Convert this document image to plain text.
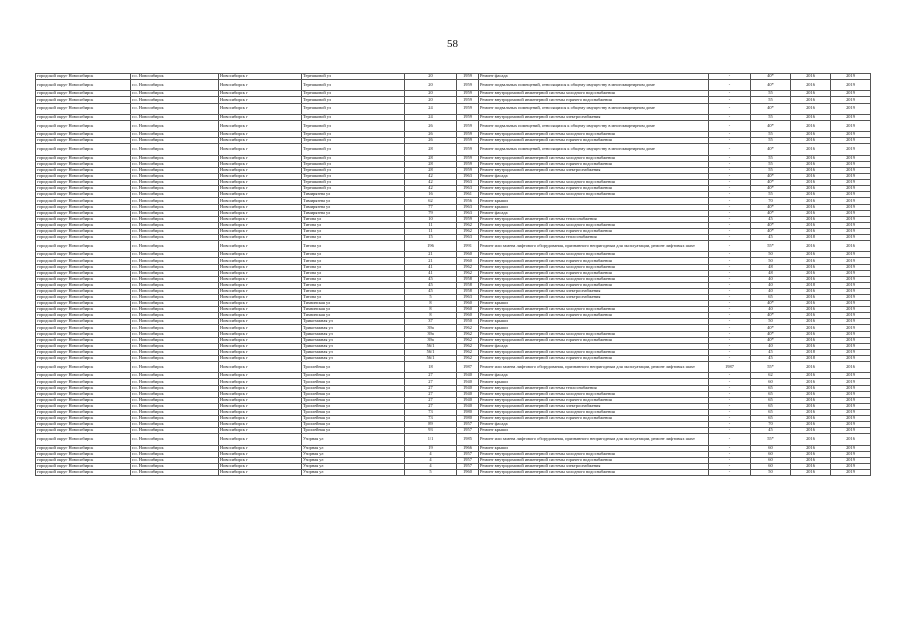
58
городской округ Новосибирск	г.о. Новосибирск	Новосибирск г	Терешковой ул	20	1959	Ремонт фасада	-	40*	2016	2019
городской округ Новосибирск	г.о. Новосибирск	Новосибирск г	Терешковой ул	20	1959	Ремонт подвальных помещений, относящихся к общему имуществу в многоквартирном доме	-	40*	2016	2019
городской округ Новосибирск	г.о. Новосибирск	Новосибирск г	Терешковой ул	20	1959	Ремонт внутридомовой инженерной системы холодного водоснабжения	-	55	2016	2019
городской округ Новосибирск	г.о. Новосибирск	Новосибирск г	Терешковой ул	20	1959	Ремонт внутридомовой инженерной системы горячего водоснабжения	-	55	2016	2019
городской округ Новосибирск	г.о. Новосибирск	Новосибирск г	Терешковой ул	24	1959	Ремонт подвальных помещений, относящихся к общему имуществу в многоквартирном доме	-	40*	2016	2019
городской округ Новосибирск	г.о. Новосибирск	Новосибирск г	Терешковой ул	24	1959	Ремонт внутридомовой инженерной системы электроснабжения	-	55	2016	2019
городской округ Новосибирск	г.о. Новосибирск	Новосибирск г	Терешковой ул	26	1959	Ремонт подвальных помещений, относящихся к общему имуществу в многоквартирном доме	-	40*	2016	2019
городской округ Новосибирск	г.о. Новосибирск	Новосибирск г	Терешковой ул	26	1959	Ремонт внутридомовой инженерной системы холодного водоснабжения	-	55	2016	2019
городской округ Новосибирск	г.о. Новосибирск	Новосибирск г	Терешковой ул	26	1959	Ремонт внутридомовой инженерной системы горячего водоснабжения	-	55	2016	2019
городской округ Новосибирск	г.о. Новосибирск	Новосибирск г	Терешковой ул	28	1959	Ремонт подвальных помещений, относящихся к общему имуществу в многоквартирном доме	-	40*	2016	2019
городской округ Новосибирск	г.о. Новосибирск	Новосибирск г	Терешковой ул	28	1959	Ремонт внутридомовой инженерной системы холодного водоснабжения	-	55	2016	2019
городской округ Новосибирск	г.о. Новосибирск	Новосибирск г	Терешковой ул	28	1959	Ремонт внутридомовой инженерной системы горячего водоснабжения	-	55	2016	2019
городской округ Новосибирск	г.о. Новосибирск	Новосибирск г	Терешковой ул	28	1959	Ремонт внутридомовой инженерной системы электроснабжения	-	55	2016	2019
городской округ Новосибирск	г.о. Новосибирск	Новосибирск г	Терешковой ул	42	1963	Ремонт фасада	-	40*	2016	2019
городской округ Новосибирск	г.о. Новосибирск	Новосибирск г	Терешковой ул	42	1963	Ремонт внутридомовой инженерной системы холодного водоснабжения	-	40*	2016	2019
городской округ Новосибирск	г.о. Новосибирск	Новосибирск г	Терешковой ул	42	1963	Ремонт внутридомовой инженерной системы горячего водоснабжения	-	40*	2016	2019
городской округ Новосибирск	г.о. Новосибирск	Новосибирск г	Тимирязева ул	16	1961	Ремонт внутридомовой инженерной системы холодного водоснабжения	-	55	2016	2019
городской округ Новосибирск	г.о. Новосибирск	Новосибирск г	Тимирязева ул	62	1956	Ремонт крыши	-	70	2016	2019
городской округ Новосибирск	г.о. Новосибирск	Новосибирск г	Тимирязева ул	77	1963	Ремонт крыши	-	40*	2016	2019
городской округ Новосибирск	г.о. Новосибирск	Новосибирск г	Тимирязева ул	79	1963	Ремонт фасада	-	40*	2016	2019
городской округ Новосибирск	г.о. Новосибирск	Новосибирск г	Титова ул	10	1959	Ремонт внутридомовой инженерной системы теплоснабжения	-	45	2016	2019
городской округ Новосибирск	г.о. Новосибирск	Новосибирск г	Титова ул	11	1962	Ремонт внутридомовой инженерной системы холодного водоснабжения	-	40*	2016	2019
городской округ Новосибирск	г.о. Новосибирск	Новосибирск г	Титова ул	11	1962	Ремонт внутридомовой инженерной системы горячего водоснабжения	-	40*	2016	2019
городской округ Новосибирск	г.о. Новосибирск	Новосибирск г	Титова ул	15	1963	Ремонт внутридомовой инженерной системы теплоснабжения	-	45	2018	2019
городской округ Новосибирск	г.о. Новосибирск	Новосибирск г	Титова ул	196	1991	Ремонт или замена лифтового оборудования, признанного непригодным для эксплуатации, ремонт лифтовых шахт	-	55*	2016	2016
городской округ Новосибирск	г.о. Новосибирск	Новосибирск г	Титова ул	21	1960	Ремонт внутридомовой инженерной системы холодного водоснабжения	-	50	2016	2019
городской округ Новосибирск	г.о. Новосибирск	Новосибирск г	Титова ул	21	1960	Ремонт внутридомовой инженерной системы горячего водоснабжения	-	50	2016	2019
городской округ Новосибирск	г.о. Новосибирск	Новосибирск г	Титова ул	41	1962	Ремонт внутридомовой инженерной системы холодного водоснабжения	-	48	2016	2019
городской округ Новосибирск	г.о. Новосибирск	Новосибирск г	Титова ул	41	1962	Ремонт внутридомовой инженерной системы горячего водоснабжения	-	48	2016	2019
городской округ Новосибирск	г.о. Новосибирск	Новосибирск г	Титова ул	45	1958	Ремонт внутридомовой инженерной системы холодного водоснабжения	-	40	2016	2019
городской округ Новосибирск	г.о. Новосибирск	Новосибирск г	Титова ул	45	1958	Ремонт внутридомовой инженерной системы горячего водоснабжения	-	40	2018	2019
городской округ Новосибирск	г.о. Новосибирск	Новосибирск г	Титова ул	45	1958	Ремонт внутридомовой инженерной системы электроснабжения	-	40	2016	2019
городской округ Новосибирск	г.о. Новосибирск	Новосибирск г	Титова ул	5	1963	Ремонт внутридомовой инженерной системы электроснабжения	-	65	2016	2019
городской округ Новосибирск	г.о. Новосибирск	Новосибирск г	Тихвинская ул	8	1960	Ремонт крыши	-	40*	2016	2019
городской округ Новосибирск	г.о. Новосибирск	Новосибирск г	Тихвинская ул	8	1960	Ремонт внутридомовой инженерной системы холодного водоснабжения	-	40	2016	2019
городской округ Новосибирск	г.о. Новосибирск	Новосибирск г	Тихвинская ул	8	1960	Ремонт внутридомовой инженерной системы горячего водоснабжения	-	40*	2016	2019
городской округ Новосибирск	г.о. Новосибирск	Новосибирск г	Трикотажная ул	37	1950	Ремонт крыши	-	50	2016	2019
городской округ Новосибирск	г.о. Новосибирск	Новосибирск г	Трикотажная ул	39а	1962	Ремонт крыши	-	40*	2016	2019
городской округ Новосибирск	г.о. Новосибирск	Новосибирск г	Трикотажная ул	39а	1962	Ремонт внутридомовой инженерной системы холодного водоснабжения	-	40*	2016	2019
городской округ Новосибирск	г.о. Новосибирск	Новосибирск г	Трикотажная ул	39а	1962	Ремонт внутридомовой инженерной системы горячего водоснабжения	-	40*	2016	2019
городской округ Новосибирск	г.о. Новосибирск	Новосибирск г	Трикотажная ул	56/1	1962	Ремонт фасада	-	40	2016	2019
городской округ Новосибирск	г.о. Новосибирск	Новосибирск г	Трикотажная ул	56/1	1962	Ремонт внутридомовой инженерной системы холодного водоснабжения	-	45	2018	2019
городской округ Новосибирск	г.о. Новосибирск	Новосибирск г	Трикотажная ул	56/1	1962	Ремонт внутридомовой инженерной системы горячего водоснабжения	-	45	2018	2019
городской округ Новосибирск	г.о. Новосибирск	Новосибирск г	Троллейная ул	18	1987	Ремонт или замена лифтового оборудования, признанного непригодным для эксплуатации, ремонт лифтовых шахт	1987	55*	2016	2016
городской округ Новосибирск	г.о. Новосибирск	Новосибирск г	Троллейная ул	27	1940	Ремонт фасада	-	62	2016	2019
городской округ Новосибирск	г.о. Новосибирск	Новосибирск г	Троллейная ул	27	1940	Ремонт крыши	-	60	2016	2019
городской округ Новосибирск	г.о. Новосибирск	Новосибирск г	Троллейная ул	27	1940	Ремонт внутридомовой инженерной системы теплоснабжения	-	65	2016	2019
городской округ Новосибирск	г.о. Новосибирск	Новосибирск г	Троллейная ул	27	1940	Ремонт внутридомовой инженерной системы холодного водоснабжения	-	65	2016	2019
городской округ Новосибирск	г.о. Новосибирск	Новосибирск г	Троллейная ул	27	1940	Ремонт внутридомовой инженерной системы горячего водоснабжения	-	65	2016	2019
городской округ Новосибирск	г.о. Новосибирск	Новосибирск г	Троллейная ул	27	1940	Ремонт внутридомовой инженерной системы электроснабжения	-	65	2016	2019
городской округ Новосибирск	г.о. Новосибирск	Новосибирск г	Троллейная ул	73	1980	Ремонт внутридомовой инженерной системы холодного водоснабжения	-	65	2016	2019
городской округ Новосибирск	г.о. Новосибирск	Новосибирск г	Троллейная ул	73	1980	Ремонт внутридомовой инженерной системы горячего водоснабжения	-	65	2016	2019
городской округ Новосибирск	г.о. Новосибирск	Новосибирск г	Троллейная ул	89	1957	Ремонт фасада	-	70	2016	2019
городской округ Новосибирск	г.о. Новосибирск	Новосибирск г	Троллейная ул	93	1957	Ремонт крыши	-	45	2016	2019
городской округ Новосибирск	г.о. Новосибирск	Новосибирск г	Узорная ул	1/1	1985	Ремонт или замена лифтового оборудования, признанного непригодным для эксплуатации, ремонт лифтовых шахт	-	55*	2016	2016
городской округ Новосибирск	г.о. Новосибирск	Новосибирск г	Узорная ул	19	1966	Ремонт крыши	-	60	2016	2019
городской округ Новосибирск	г.о. Новосибирск	Новосибирск г	Узорная ул	4	1957	Ремонт внутридомовой инженерной системы холодного водоснабжения	-	60	2016	2019
городской округ Новосибирск	г.о. Новосибирск	Новосибирск г	Узорная ул	4	1957	Ремонт внутридомовой инженерной системы горячего водоснабжения	-	60	2016	2019
городской округ Новосибирск	г.о. Новосибирск	Новосибирск г	Узорная ул	4	1957	Ремонт внутридомовой инженерной системы электроснабжения	-	60	2016	2019
городской округ Новосибирск	г.о. Новосибирск	Новосибирск г	Узорная ул	5	1960	Ремонт внутридомовой инженерной системы холодного водоснабжения	-	50	2016	2019
